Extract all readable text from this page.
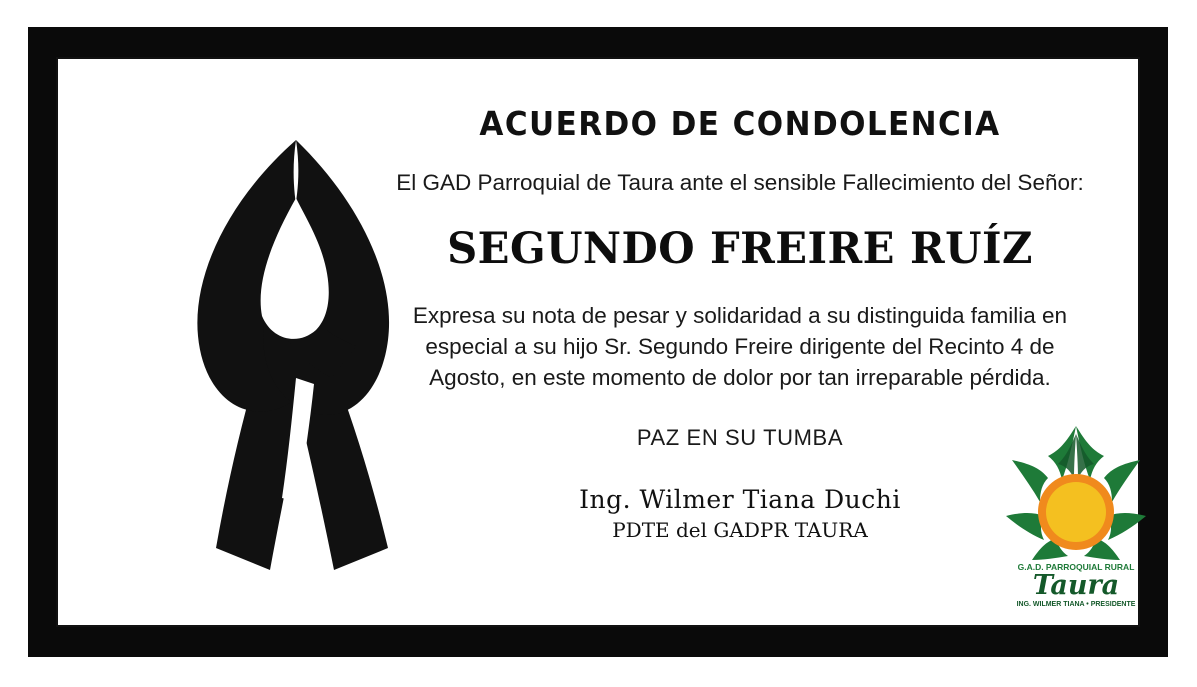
ACUERDO DE CONDOLENCIA
El GAD Parroquial de Taura ante el sensible Fallecimiento del Señor:
SEGUNDO FREIRE RUÍZ
Expresa su nota de pesar y solidaridad a su distinguida familia en especial a su hijo Sr. Segundo Freire dirigente del Recinto 4 de Agosto, en este momento de dolor por tan irreparable pérdida.
PAZ EN SU TUMBA
Ing. Wilmer Tiana Duchi
PDTE del GADPR TAURA
G.A.D. PARROQUIAL RURAL
Taura
ING. WILMER TIANA • PRESIDENTE
